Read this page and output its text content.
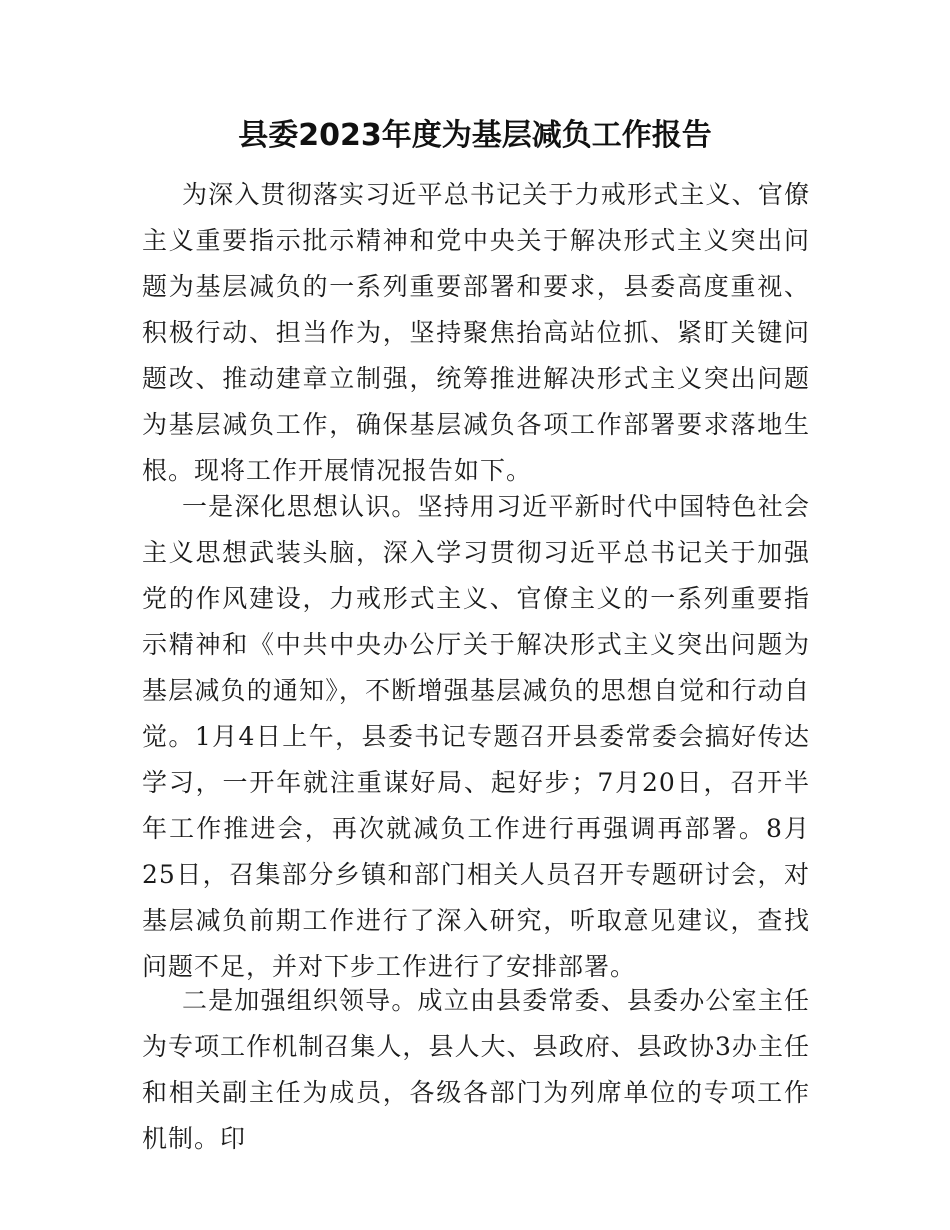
县委2023年度为基层减负工作报告

为深入贯彻落实习近平总书记关于力戒形式主义、官僚主义重要指示批示精神和党中央关于解决形式主义突出问题为基层减负的一系列重要部署和要求，县委高度重视、积极行动、担当作为，坚持聚焦抬高站位抓、紧盯关键问题改、推动建章立制强，统筹推进解决形式主义突出问题为基层减负工作，确保基层减负各项工作部署要求落地生根。现将工作开展情况报告如下。

一是深化思想认识。坚持用习近平新时代中国特色社会主义思想武装头脑，深入学习贯彻习近平总书记关于加强党的作风建设，力戒形式主义、官僚主义的一系列重要指示精神和《中共中央办公厅关于解决形式主义突出问题为基层减负的通知》，不断增强基层减负的思想自觉和行动自觉。1月4日上午，县委书记专题召开县委常委会搞好传达学习，一开年就注重谋好局、起好步；7月20日，召开半年工作推进会，再次就减负工作进行再强调再部署。8月25日，召集部分乡镇和部门相关人员召开专题研讨会，对基层减负前期工作进行了深入研究，听取意见建议，查找问题不足，并对下步工作进行了安排部署。

二是加强组织领导。成立由县委常委、县委办公室主任为专项工作机制召集人，县人大、县政府、县政协3办主任和相关副主任为成员，各级各部门为列席单位的专项工作机制。印
